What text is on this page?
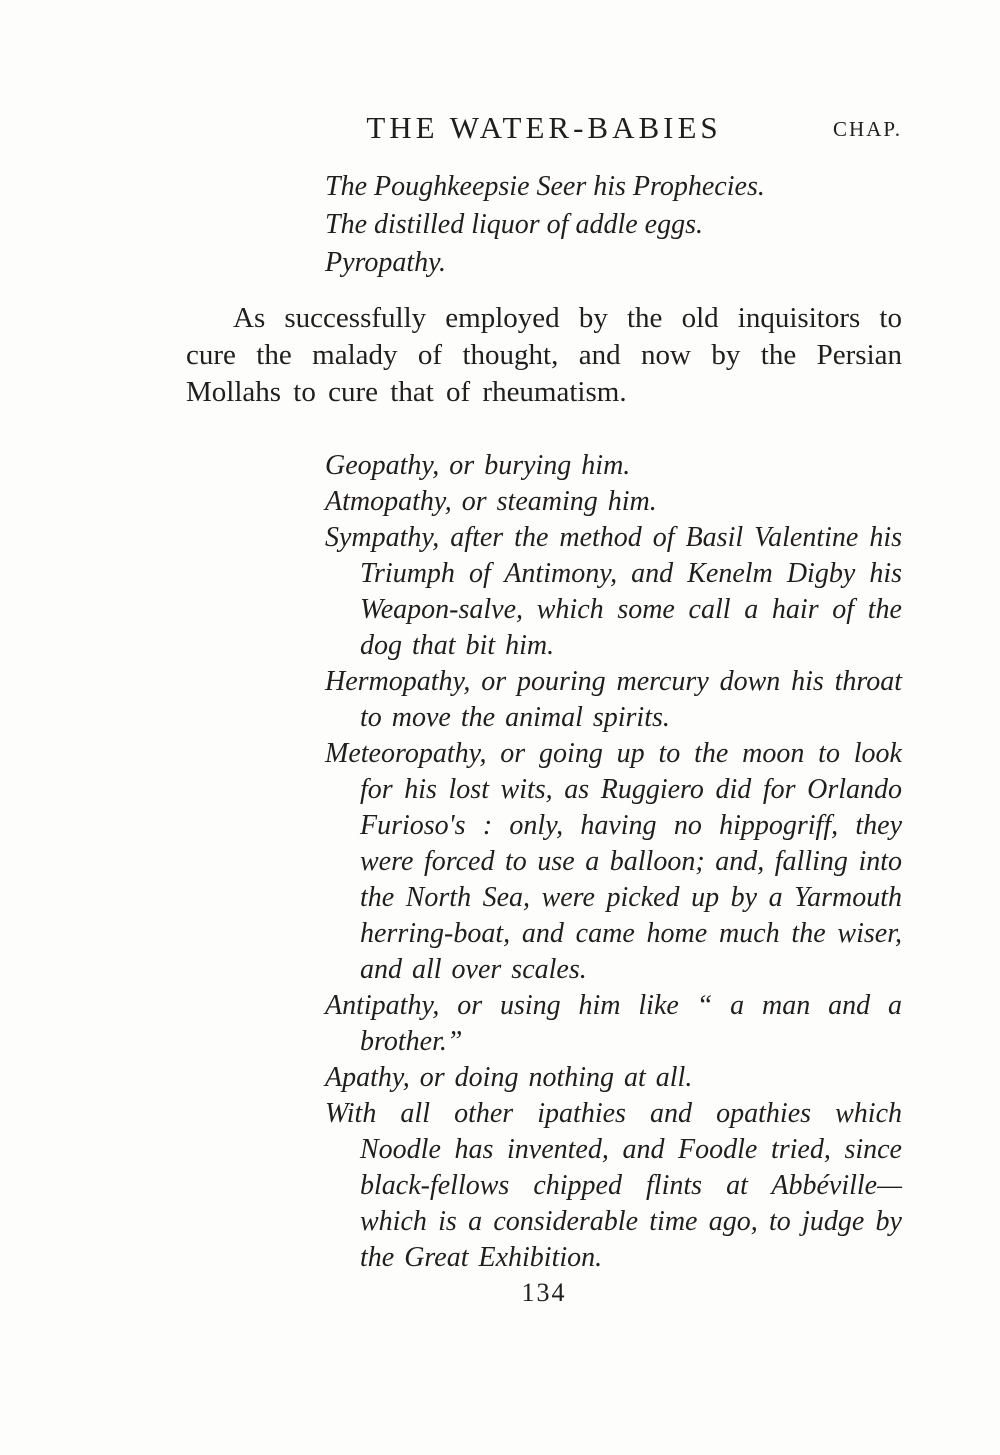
THE WATER-BABIES	CHAP.
The Poughkeepsie Seer his Prophecies.
The distilled liquor of addle eggs.
Pyropathy.

As successfully employed by the old inquisitors to cure the malady of thought, and now by the Persian Mollahs to cure that of rheumatism.

Geopathy, or burying him.
Atmopathy, or steaming him.
Sympathy, after the method of Basil Valentine his Triumph of Antimony, and Kenelm Digby his Weapon-salve, which some call a hair of the dog that bit him.
Hermopathy, or pouring mercury down his throat to move the animal spirits.
Meteoropathy, or going up to the moon to look for his lost wits, as Ruggiero did for Orlando Furioso's : only, having no hippogriff, they were forced to use a balloon; and, falling into the North Sea, were picked up by a Yarmouth herring-boat, and came home much the wiser, and all over scales.
Antipathy, or using him like “ a man and a brother.”
Apathy, or doing nothing at all.
With all other ipathies and opathies which Noodle has invented, and Foodle tried, since black-fellows chipped flints at Abbéville—which is a considerable time ago, to judge by the Great Exhibition.
134
